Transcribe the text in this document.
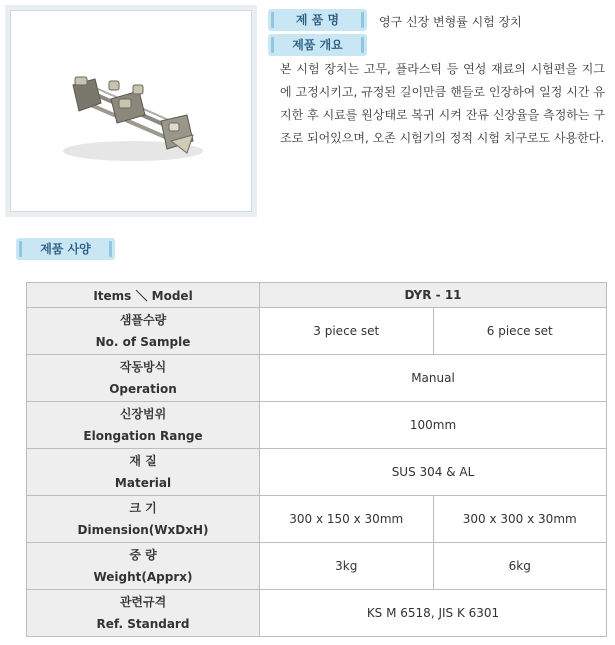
제 품 명	영구 신장 변형률 시험 장치
제품 개요
본 시험 장치는 고무, 플라스틱 등 연성 재료의 시험편을 지그에 고정시키고, 규정된 길이만큼 핸들로 인장하여 일정 시간 유지한 후 시료를 원상태로 복귀 시켜 잔류 신장율을 측정하는 구조로 되어있으며, 오존 시험기의 정적 시험 치구로도 사용한다.
제품 사양
Items ＼ Model	DYR - 11	

샘플수량
No. of Sample	3 piece set	6 piece set

작동방식
Operation	Manual	

신장범위
Elongation Range	100mm	

재 질
Material	SUS 304 & AL	

크 기
Dimension(WxDxH)	300 x 150 x 30mm	300 x 300 x 30mm

중 량
Weight(Apprx)	3kg	6kg

관련규격
Ref. Standard	KS M 6518, JIS K 6301	
